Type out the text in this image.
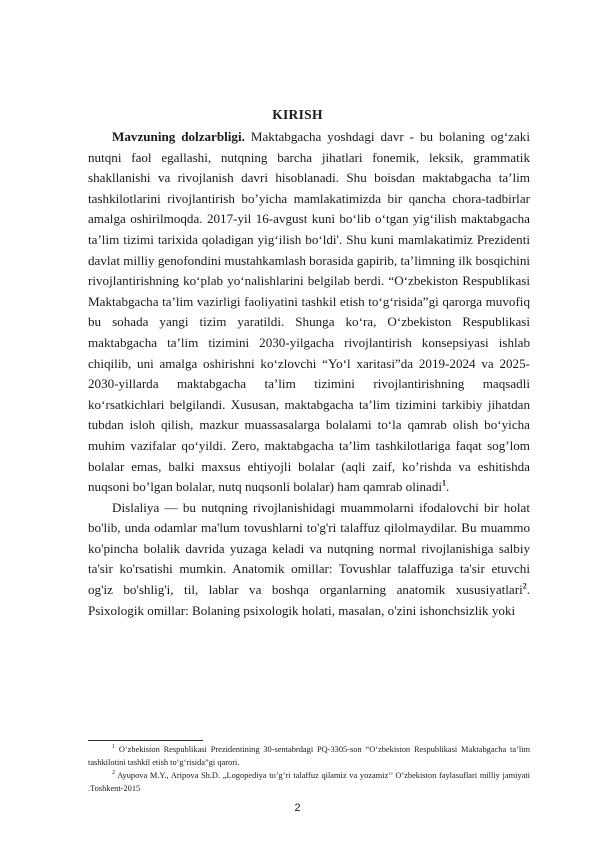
KIRISH

Mavzuning dolzarbligi. Maktabgacha yoshdagi davr - bu bolaning og‘zaki nutqni faol egallashi, nutqning barcha jihatlari fonemik, leksik, grammatik shakllanishi va rivojlanish davri hisoblanadi. Shu boisdan maktabgacha ta’lim tashkilotlarini rivojlantirish bo’yicha mamlakatimizda bir qancha chora-tadbirlar amalga oshirilmoqda. 2017-yil 16-avgust kuni bo‘lib o‘tgan yig‘ilish maktabgacha ta’lim tizimi tarixida qoladigan yig‘ilish bo‘ldi'. Shu kuni mamlakatimiz Prezidenti davlat milliy genofondini mustahkamlash borasida gapirib, ta’limning ilk bosqichini rivojlantirishning ko‘plab yo‘nalishlarini belgilab berdi. “O‘zbekiston Respublikasi Maktabgacha ta’lim vazirligi faoliyatini tashkil etish to‘g‘risida”gi qarorga muvofiq bu sohada yangi tizim yaratildi. Shunga ko‘ra, O‘zbekiston Respublikasi maktabgacha ta’lim tizimini 2030-yilgacha rivojlantirish konsepsiyasi ishlab chiqilib, uni amalga oshirishni ko‘zlovchi “Yo‘l xaritasi”da 2019-2024 va 2025-2030-yillarda maktabgacha ta’lim tizimini rivojlantirishning maqsadli ko‘rsatkichlari belgilandi. Xususan, maktabgacha ta’lim tizimini tarkibiy jihatdan tubdan isloh qilish, mazkur muassasalarga bolalami to‘la qamrab olish bo‘yicha muhim vazifalar qo‘yildi. Zero, maktabgacha ta’lim tashkilotlariga faqat sog’lom bolalar emas, balki maxsus ehtiyojli bolalar (aqli zaif, ko’rishda va eshitishda nuqsoni bo’lgan bolalar, nutq nuqsonli bolalar) ham qamrab olinadi$^1$.

Dislaliya — bu nutqning rivojlanishidagi muammolarni ifodalovchi bir holat bo'lib, unda odamlar ma'lum tovushlarni to'g'ri talaffuz qilolmaydilar. Bu muammo ko'pincha bolalik davrida yuzaga keladi va nutqning normal rivojlanishiga salbiy ta'sir ko'rsatishi mumkin. Anatomik omillar: Tovushlar talaffuziga ta'sir etuvchi og'iz bo'shlig'i, til, lablar va boshqa organlarning anatomik xususiyatlari$^2$. Psixologik omillar: Bolaning psixologik holati, masalan, o'zini ishonchsizlik yoki

$^1$ O‘zbekiston Respublikasi Prezidentining 30-sentabrdagi PQ-3305-son “O‘zbekiston Respublikasi Maktabgacha ta’lim tashkilotini tashkil etish to‘g‘risida”gi qarori.

$^2$ Ayupova M.Y., Aripova Sh.D. „Logopediya to’g’ri talaffuz qilamiz va yozamiz’’ O’zbekiston faylasuflari milliy jamiyati .Toshkent-2015

2
